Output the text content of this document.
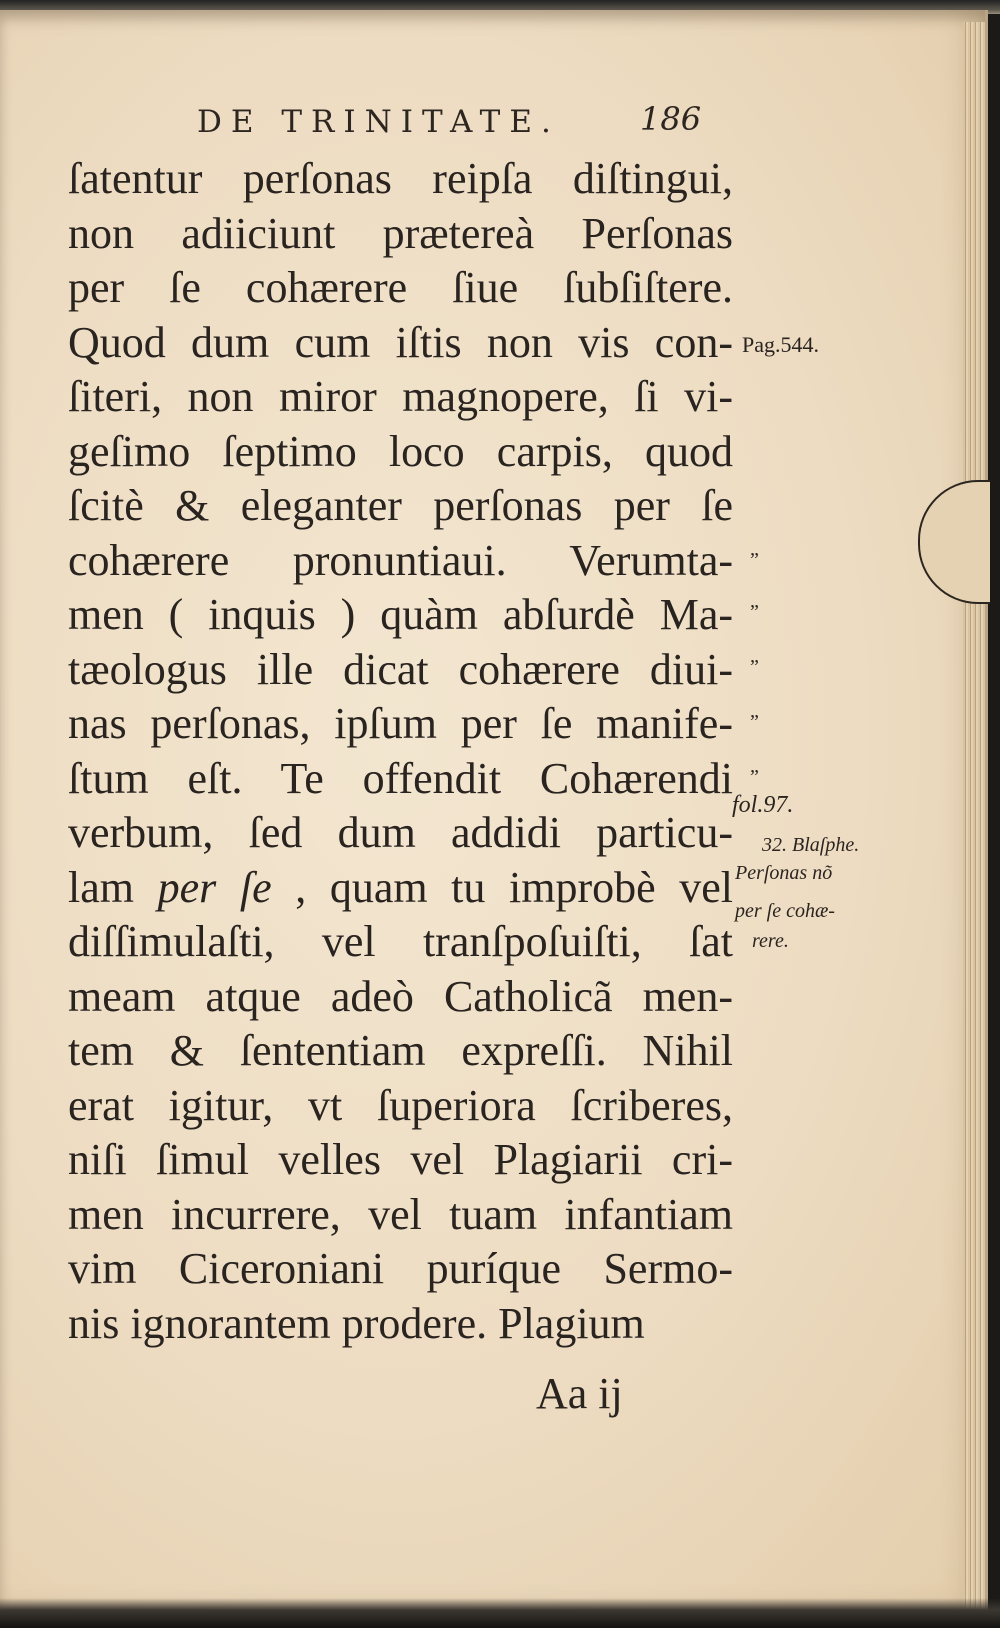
DE TRINITATE.	186
ſatentur perſonas reipſa diſtingui,
non adiiciunt prætereà Perſonas
per ſe cohærere ſiue ſubſiſtere.
Quod dum cum iſtis non vis con-
ſiteri, non miror magnopere, ſi vi-
geſimo ſeptimo loco carpis, quod
ſcitè & eleganter perſonas per ſe
cohærere pronuntiaui. Verumta-
men ( inquis ) quàm abſurdè Ma-
tæologus ille dicat cohærere diui-
nas perſonas, ipſum per ſe manife-
ſtum eſt. Te offendit Cohærendi
verbum, ſed dum addidi particu-
lam per ſe , quam tu improbè vel
diſſimulaſti, vel tranſpoſuiſti, ſat
meam atque adeò Catholicã men-
tem & ſententiam expreſſi. Nihil
erat igitur, vt ſuperiora ſcriberes,
niſi ſimul velles vel Plagiarii cri-
men incurrere, vel tuam infantiam
vim Ciceroniani puríque Sermo-
nis ignorantem prodere. Plagium
Pag.544.
„
„
„
„
„
fol.97.
32. Blaſphe.
Perſonas nõ
per ſe cohæ-
rere.
Aa ij
